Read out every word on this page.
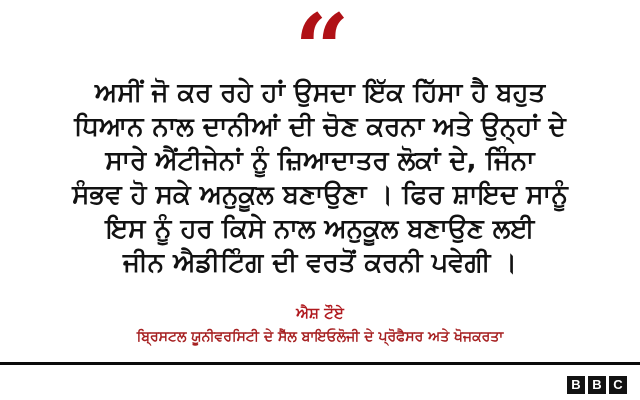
“
ਅਸੀਂ ਜੋ ਕਰ ਰਹੇ ਹਾਂ ਉਸਦਾ ਇੱਕ ਹਿੱਸਾ ਹੈ ਬਹੁਤ
ਧਿਆਨ ਨਾਲ ਦਾਨੀਆਂ ਦੀ ਚੋਣ ਕਰਨਾ ਅਤੇ ਉਨ੍ਹਾਂ ਦੇ
ਸਾਰੇ ਐਂਟੀਜੇਨਾਂ ਨੂੰ ਜ਼ਿਆਦਾਤਰ ਲੋਕਾਂ ਦੇ, ਜਿੰਨਾ
ਸੰਭਵ ਹੋ ਸਕੇ ਅਨੁਕੂਲ ਬਣਾਉਣਾ । ਫਿਰ ਸ਼ਾਇਦ ਸਾਨੂੰ
ਇਸ ਨੂੰ ਹਰ ਕਿਸੇ ਨਾਲ ਅਨੁਕੂਲ ਬਣਾਉਣ ਲਈ
ਜੀਨ ਐਡੀਟਿੰਗ ਦੀ ਵਰਤੋਂ ਕਰਨੀ ਪਵੇਗੀ ।
ਐਸ਼ ਟੌਏ
ਬ੍ਰਿਸਟਲ ਯੂਨੀਵਰਸਿਟੀ ਦੇ ਸੈੱਲ ਬਾਇਓਲੋਜੀ ਦੇ ਪ੍ਰੋਫੈਸਰ ਅਤੇ ਖੋਜਕਰਤਾ
B B C
